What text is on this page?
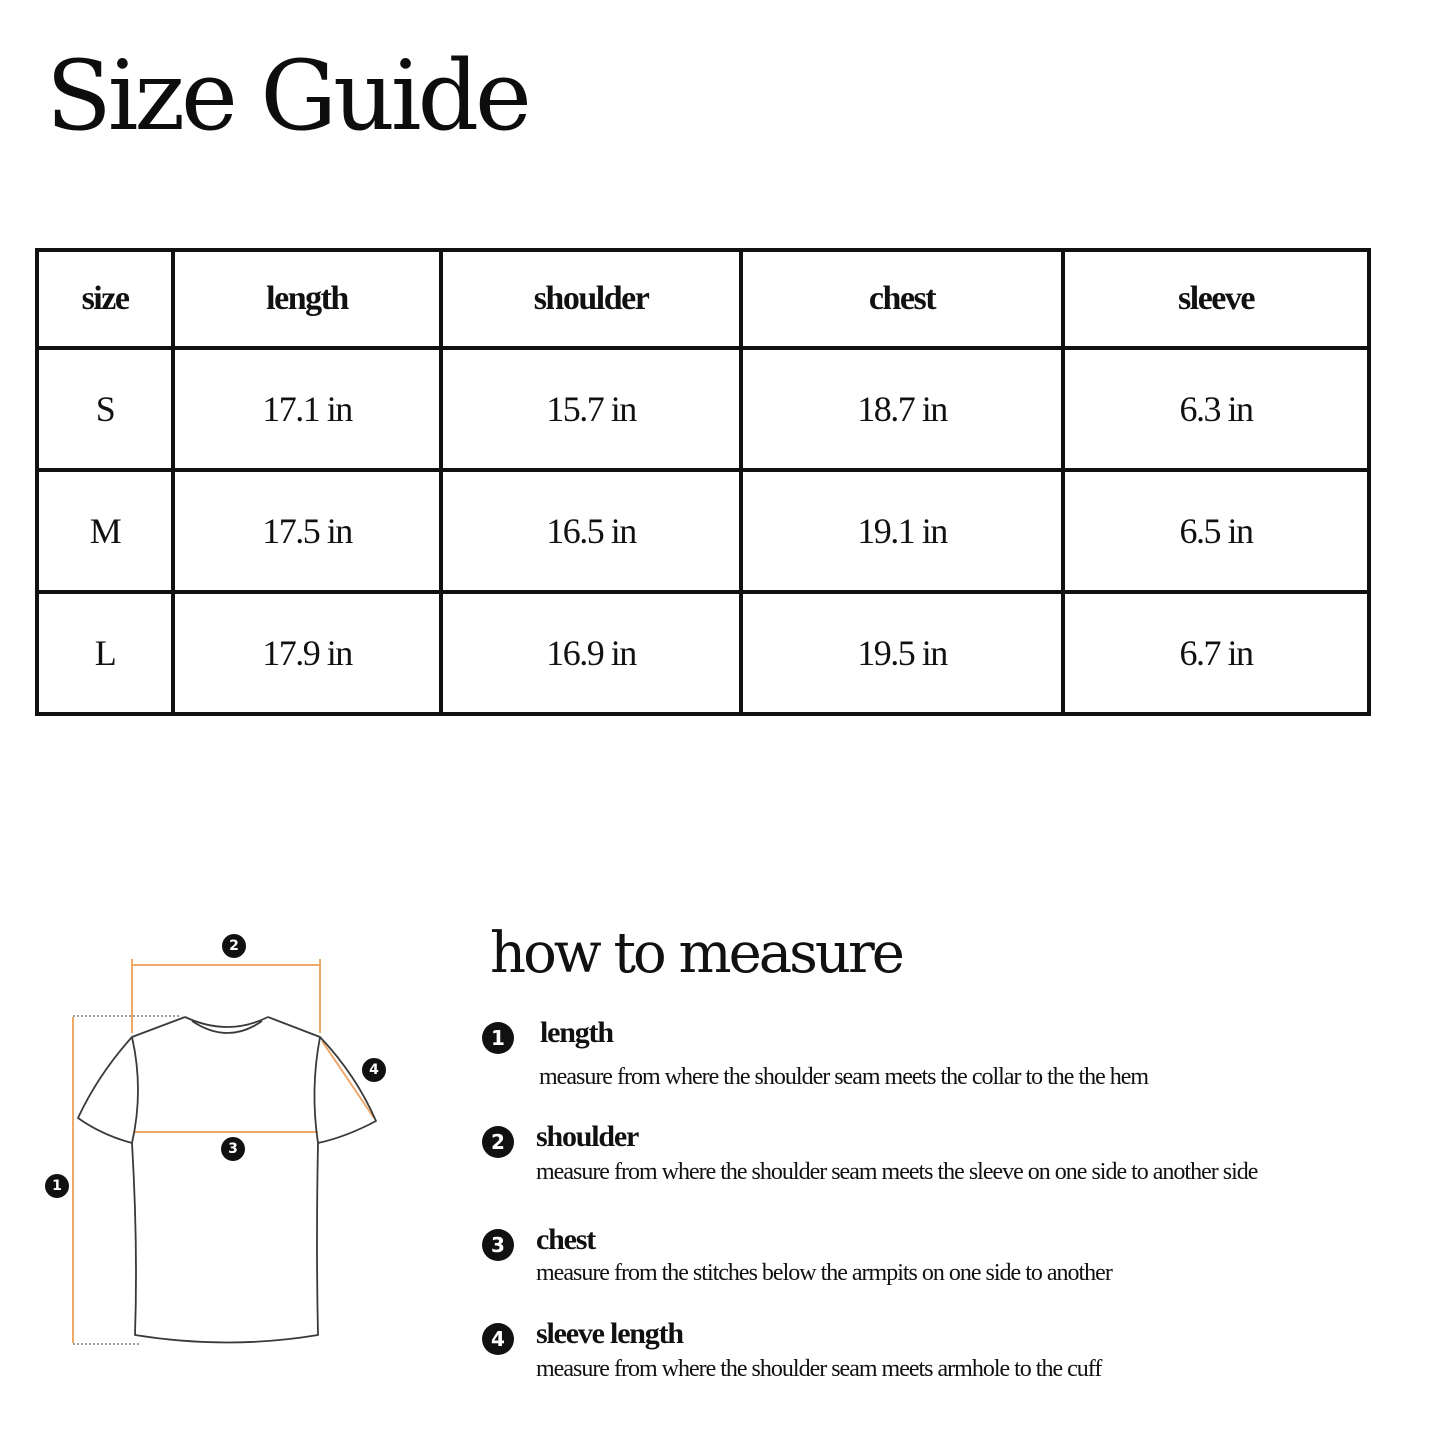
Size Guide
size	length	shoulder	chest	sleeve
S	17.1 in	15.7 in	18.7 in	6.3 in
M	17.5 in	16.5 in	19.1 in	6.5 in
L	17.9 in	16.9 in	19.5 in	6.7 in
1
2
3
4
how to measure
1	length
measure from where the shoulder seam meets the collar to the the hem
2	shoulder
measure from where the shoulder seam meets the sleeve on one side to another side
3	chest
measure from the stitches below the armpits on one side to another
4	sleeve length
measure from where the shoulder seam meets armhole to the cuff
